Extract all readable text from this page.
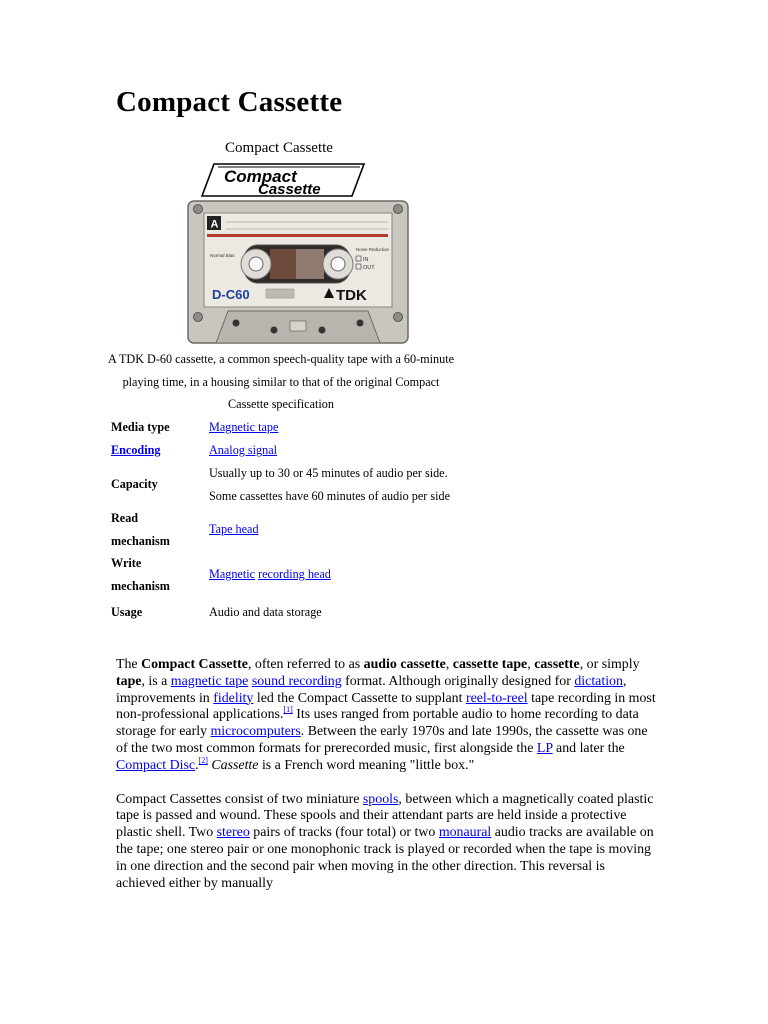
Compact Cassette
Compact Cassette
Compact
Cassette
A
Normal Bias
Noise Reduction
IN
OUT
D-C60	TDK
A TDK D-60 cassette, a common speech-quality tape with a 60-minute playing time, in a housing similar to that of the original Compact Cassette specification
Media type	Magnetic tape
Encoding	Analog signal
Capacity	Usually up to 30 or 45 minutes of audio per side. Some cassettes have 60 minutes of audio per side
Read mechanism	Tape head
Write mechanism	Magnetic recording head
Usage	Audio and data storage

The Compact Cassette, often referred to as audio cassette, cassette tape, cassette, or simply tape, is a magnetic tape sound recording format. Although originally designed for dictation, improvements in fidelity led the Compact Cassette to supplant reel-to-reel tape recording in most non-professional applications.[1] Its uses ranged from portable audio to home recording to data storage for early microcomputers. Between the early 1970s and late 1990s, the cassette was one of the two most common formats for prerecorded music, first alongside the LP and later the Compact Disc.[2] Cassette is a French word meaning "little box."

Compact Cassettes consist of two miniature spools, between which a magnetically coated plastic tape is passed and wound. These spools and their attendant parts are held inside a protective plastic shell. Two stereo pairs of tracks (four total) or two monaural audio tracks are available on the tape; one stereo pair or one monophonic track is played or recorded when the tape is moving in one direction and the second pair when moving in the other direction. This reversal is achieved either by manually
